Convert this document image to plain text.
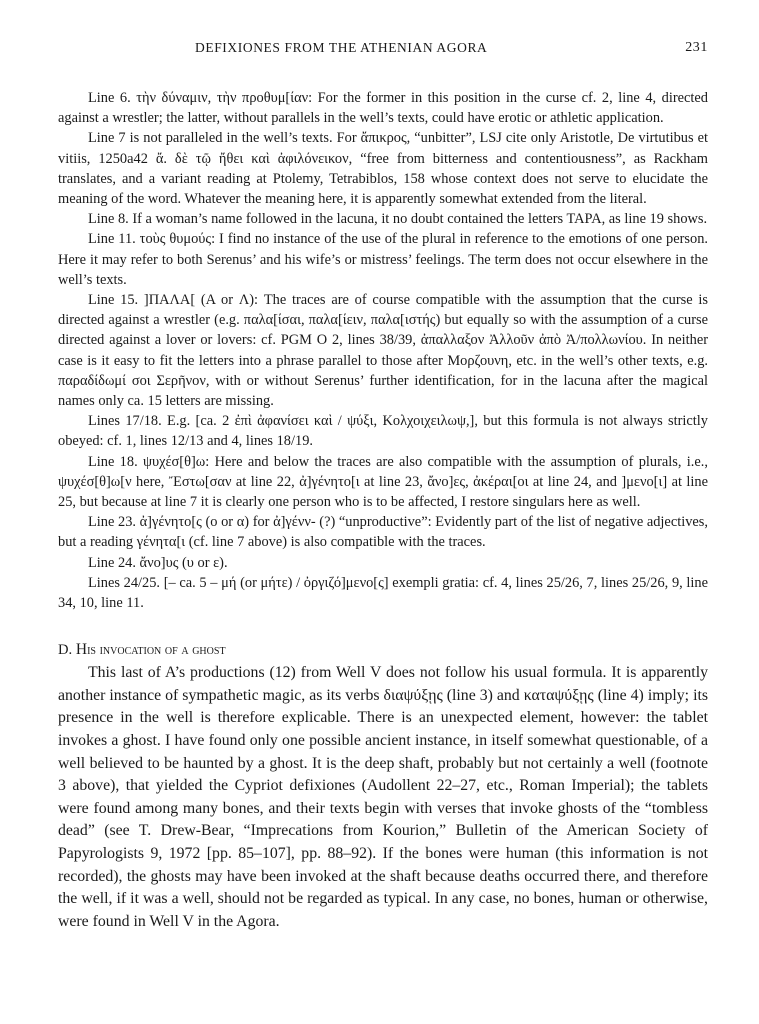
DEFIXIONES FROM THE ATHENIAN AGORA	231

Line 6. τὴν δύναμιν, τὴν προθυμ[ίαν: For the former in this position in the curse cf. 2, line 4, directed against a wrestler; the latter, without parallels in the well’s texts, could have erotic or athletic application.

Line 7 is not paralleled in the well’s texts. For ἄπικρος, “unbitter”, LSJ cite only Aristotle, De virtutibus et vitiis, 1250a42 ἄ. δὲ τῷ ἤθει καὶ ἀφιλόνεικον, “free from bitterness and contentiousness”, as Rackham translates, and a variant reading at Ptolemy, Tetrabiblos, 158 whose context does not serve to elucidate the meaning of the word. Whatever the meaning here, it is apparently somewhat extended from the literal.

Line 8. If a woman’s name followed in the lacuna, it no doubt contained the letters TAPA, as line 19 shows.

Line 11. τοὺς θυμούς: I find no instance of the use of the plural in reference to the emotions of one person. Here it may refer to both Serenus’ and his wife’s or mistress’ feelings. The term does not occur elsewhere in the well’s texts.

Line 15. ]ΠΑΛΑ[ (Α or Λ): The traces are of course compatible with the assumption that the curse is directed against a wrestler (e.g. παλα[ίσαι, παλα[ίειν, παλα[ιστής) but equally so with the assumption of a curse directed against a lover or lovers: cf. PGM O 2, lines 38/39, ἀπαλλαξον Ἀλλοῦν ἀπὸ Ἀ/πολλωνίου. In neither case is it easy to fit the letters into a phrase parallel to those after Μορζουνη, etc. in the well’s other texts, e.g. παραδίδωμί σοι Σερῆνον, with or without Serenus’ further identification, for in the lacuna after the magical names only ca. 15 letters are missing.

Lines 17/18. E.g. [ca. 2 ἐπὶ ἀφανίσει καὶ / ψύξι, Κολχοιχειλωψ,], but this formula is not always strictly obeyed: cf. 1, lines 12/13 and 4, lines 18/19.

Line 18. ψυχέσ[θ]ω: Here and below the traces are also compatible with the assumption of plurals, i.e., ψυχέσ[θ]ω[ν here, Ἔστω[σαν at line 22, ἀ]γένητο[ι at line 23, ἄνο]ες, ἀκέραι[οι at line 24, and ]μενο[ι] at line 25, but because at line 7 it is clearly one person who is to be affected, I restore singulars here as well.

Line 23. ἀ]γένητο[ς (ο or α) for ἀ]γένν- (?) “unproductive”: Evidently part of the list of negative adjectives, but a reading γένητα[ι (cf. line 7 above) is also compatible with the traces.

Line 24. ἄνο]υς (υ or ε).

Lines 24/25. [– ca. 5 – μή (or μήτε) / ὀργιζό]μενο[ς] exempli gratia: cf. 4, lines 25/26, 7, lines 25/26, 9, line 34, 10, line 11.

D. His invocation of a ghost

This last of A’s productions (12) from Well V does not follow his usual formula. It is apparently another instance of sympathetic magic, as its verbs διαψύξῃς (line 3) and καταψύξῃς (line 4) imply; its presence in the well is therefore explicable. There is an unexpected element, however: the tablet invokes a ghost. I have found only one possible ancient instance, in itself somewhat questionable, of a well believed to be haunted by a ghost. It is the deep shaft, probably but not certainly a well (footnote 3 above), that yielded the Cypriot defixiones (Audollent 22–27, etc., Roman Imperial); the tablets were found among many bones, and their texts begin with verses that invoke ghosts of the “tombless dead” (see T. Drew-Bear, “Imprecations from Kourion,” Bulletin of the American Society of Papyrologists 9, 1972 [pp. 85–107], pp. 88–92). If the bones were human (this information is not recorded), the ghosts may have been invoked at the shaft because deaths occurred there, and therefore the well, if it was a well, should not be regarded as typical. In any case, no bones, human or otherwise, were found in Well V in the Agora.
